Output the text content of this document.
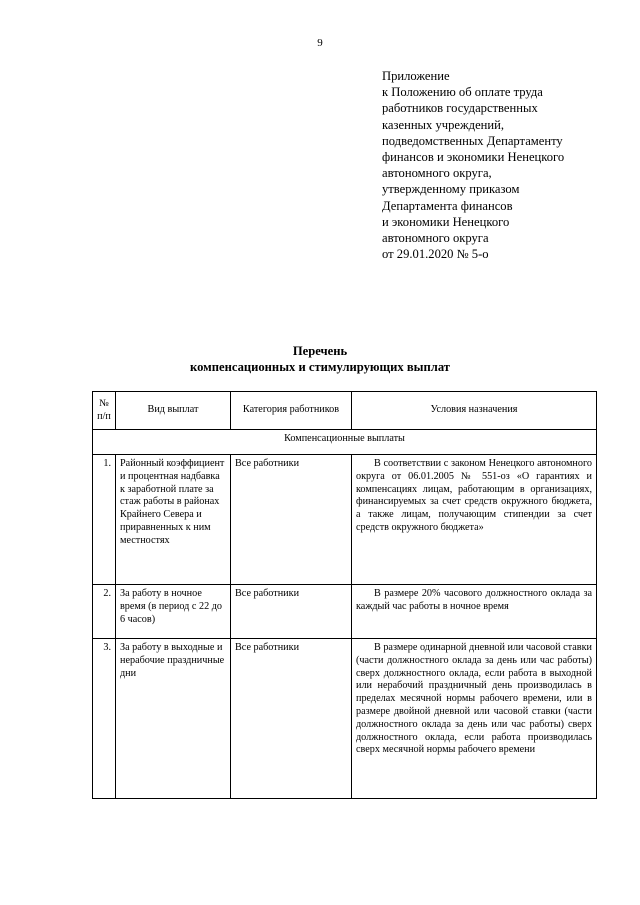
9
Приложение
к Положению об оплате труда
работников государственных
казенных учреждений,
подведомственных Департаменту
финансов и экономики Ненецкого
автономного округа,
утвержденному приказом
Департамента финансов
и экономики Ненецкого
автономного округа
от 29.01.2020 № 5-о
Перечень
компенсационных и стимулирующих выплат
№ п/п	Вид выплат	Категория работников	Условия назначения
Компенсационные выплаты			
1.	Районный коэффициент и процентная надбавка к заработной плате за стаж работы в районах Крайнего Севера и приравненных к ним местностях	Все работники	В соответствии с законом Ненецкого автономного округа от 06.01.2005 № 551-оз «О гарантиях и компенсациях лицам, работающим в организациях, финансируемых за счет средств окружного бюджета, а также лицам, получающим стипендии за счет средств окружного бюджета»
2.	За работу в ночное время (в период с 22 до 6 часов)	Все работники	В размере 20% часового должностного оклада за каждый час работы в ночное время
3.	За работу в выходные и нерабочие праздничные дни	Все работники	В размере одинарной дневной или часовой ставки (части должностного оклада за день или час работы) сверх должностного оклада, если работа в выходной или нерабочий праздничный день производилась в пределах месячной нормы рабочего времени, или в размере двойной дневной или часовой ставки (части должностного оклада за день или час работы) сверх должностного оклада, если работа производилась сверх месячной нормы рабочего времени
